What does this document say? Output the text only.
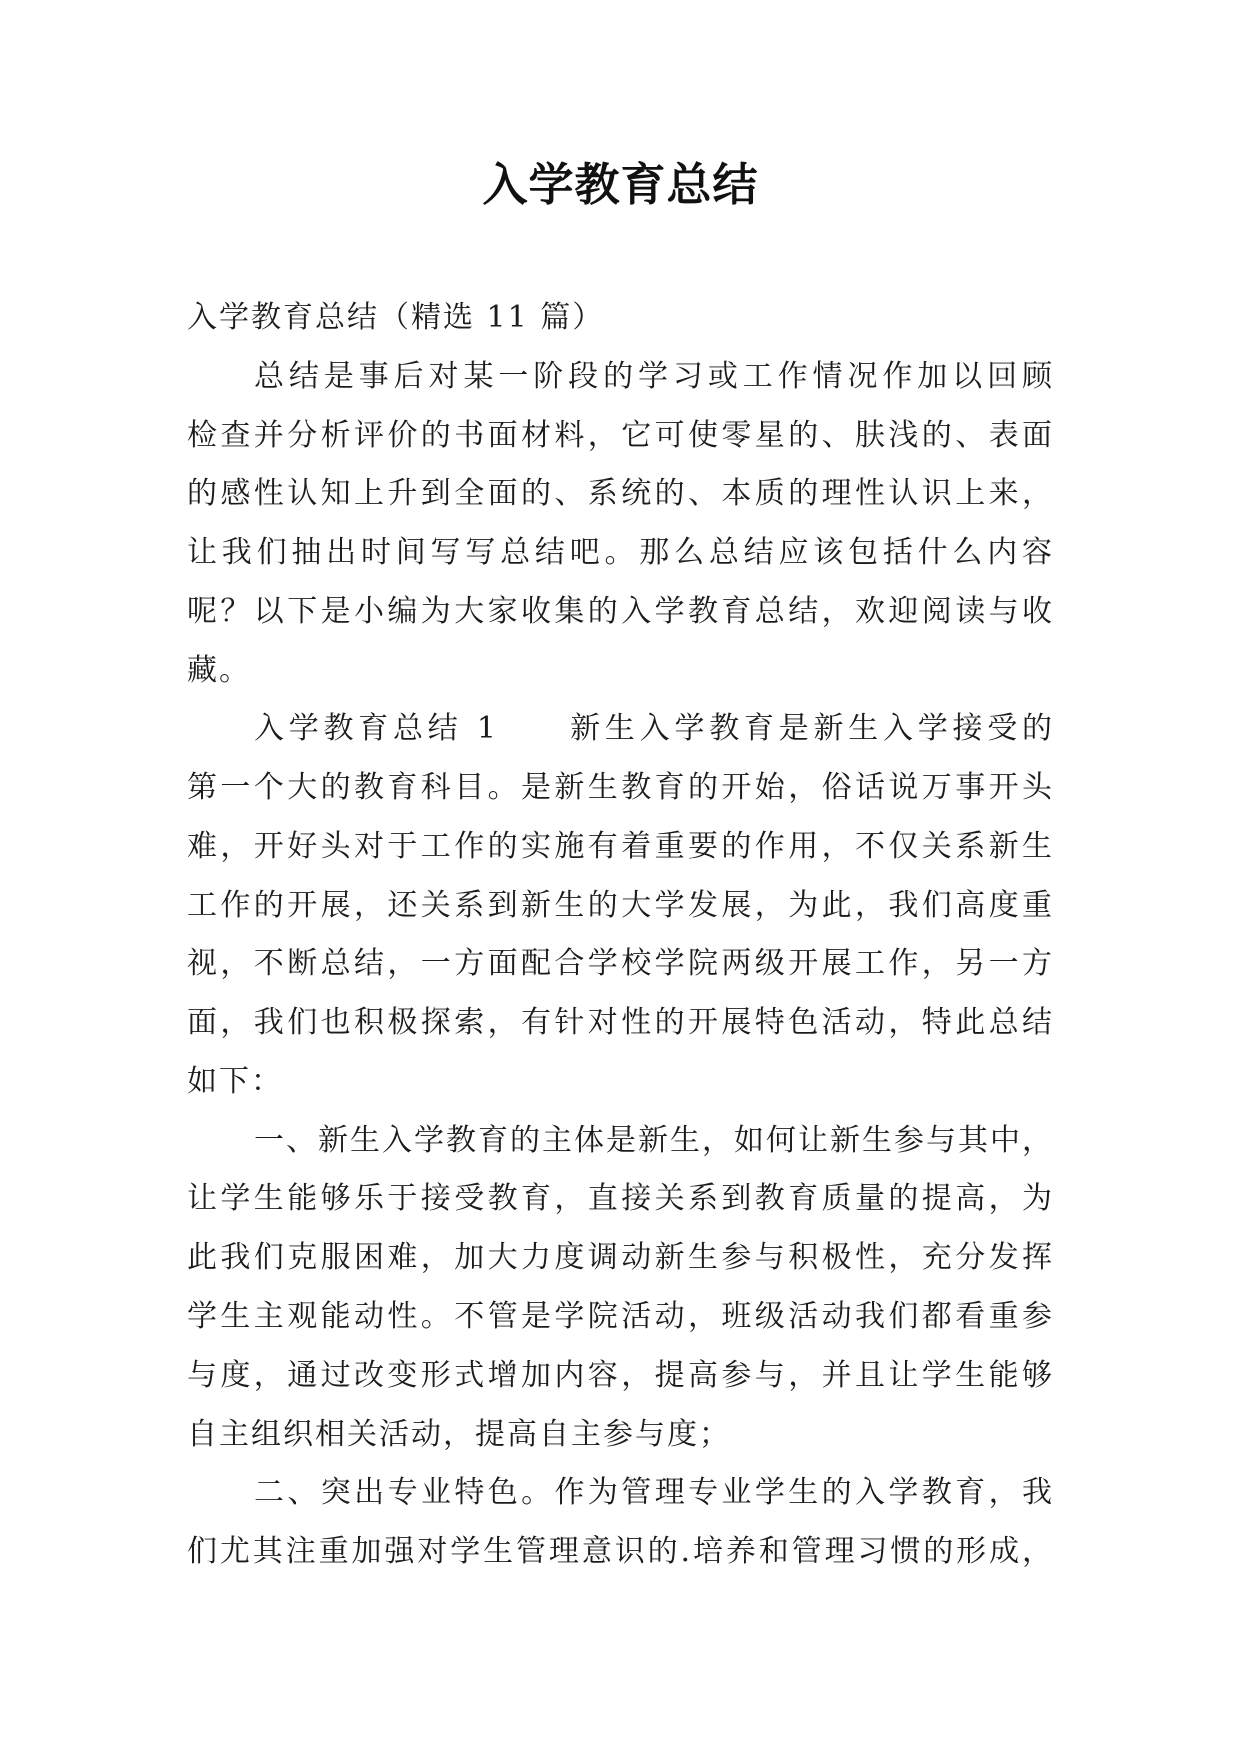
入学教育总结
入学教育总结（精选 11 篇）
总结是事后对某一阶段的学习或工作情况作加以回顾
检查并分析评价的书面材料，它可使零星的、肤浅的、表面
的感性认知上升到全面的、系统的、本质的理性认识上来，
让我们抽出时间写写总结吧。那么总结应该包括什么内容
呢？以下是小编为大家收集的入学教育总结，欢迎阅读与收
藏。
入学教育总结 1　　新生入学教育是新生入学接受的
第一个大的教育科目。是新生教育的开始，俗话说万事开头
难，开好头对于工作的实施有着重要的作用，不仅关系新生
工作的开展，还关系到新生的大学发展，为此，我们高度重
视，不断总结，一方面配合学校学院两级开展工作，另一方
面，我们也积极探索，有针对性的开展特色活动，特此总结
如下：
一、新生入学教育的主体是新生，如何让新生参与其中，
让学生能够乐于接受教育，直接关系到教育质量的提高，为
此我们克服困难，加大力度调动新生参与积极性，充分发挥
学生主观能动性。不管是学院活动，班级活动我们都看重参
与度，通过改变形式增加内容，提高参与，并且让学生能够
自主组织相关活动，提高自主参与度；
二、突出专业特色。作为管理专业学生的入学教育，我
们尤其注重加强对学生管理意识的.培养和管理习惯的形成，
